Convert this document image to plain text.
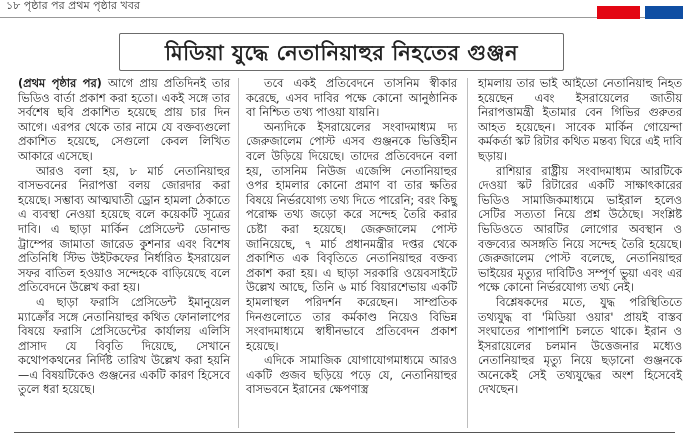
১৮ পৃষ্ঠার পর প্রথম পৃষ্ঠার খবর
মিডিয়া যুদ্ধে নেতানিয়াহুর নিহতের গুঞ্জন

(প্রথম পৃষ্ঠার পর) আগে প্রায় প্রতিদিনই তার ভিডিও বার্তা প্রকাশ করা হতো। একই সঙ্গে তার সর্বশেষ ছবি প্রকাশিত হয়েছে প্রায় চার দিন আগে। এরপর থেকে তার নামে যে বক্তব্যগুলো প্রকাশিত হয়েছে, সেগুলো কেবল লিখিত আকারে এসেছে।

আরও বলা হয়, ৮ মার্চ নেতানিয়াহুর বাসভবনের নিরাপত্তা বলয় জোরদার করা হয়েছে। সম্ভাব্য আত্মঘাতী ড্রোন হামলা ঠেকাতে এ ব্যবস্থা নেওয়া হয়েছে বলে কয়েকটি সূত্রের দাবি। এ ছাড়া মার্কিন প্রেসিডেন্ট ডোনাল্ড ট্রাম্পের জামাতা জারেড কুশনার এবং বিশেষ প্রতিনিধি স্টিভ উইটকফের নির্ধারিত ইসরায়েল সফর বাতিল হওয়াও সন্দেহকে বাড়িয়েছে বলে প্রতিবেদনে উল্লেখ করা হয়।

এ ছাড়া ফরাসি প্রেসিডেন্ট ইমানুয়েল ম্যাক্রোঁর সঙ্গে নেতানিয়াহুর কথিত ফোনালাপের বিষয়ে ফরাসি প্রেসিডেন্টের কার্যালয় এলিসি প্রাসাদ যে বিবৃতি দিয়েছে, সেখানে কথোপকথনের নির্দিষ্ট তারিখ উল্লেখ করা হয়নি—এ বিষয়টিকেও গুঞ্জনের একটি কারণ হিসেবে তুলে ধরা হয়েছে।

তবে একই প্রতিবেদনে তাসনিম স্বীকার করেছে, এসব দাবির পক্ষে কোনো আনুষ্ঠানিক বা নিশ্চিত তথ্য পাওয়া যায়নি।

অন্যদিকে ইসরায়েলের সংবাদমাধ্যম দ্য জেরুজালেম পোস্ট এসব গুঞ্জনকে ভিত্তিহীন বলে উড়িয়ে দিয়েছে। তাদের প্রতিবেদনে বলা হয়, তাসনিম নিউজ এজেন্সি নেতানিয়াহুর ওপর হামলার কোনো প্রমাণ বা তার ক্ষতির বিষয়ে নির্ভরযোগ্য তথ্য দিতে পারেনি; বরং কিছু পরোক্ষ তথ্য জড়ো করে সন্দেহ তৈরি করার চেষ্টা করা হয়েছে। জেরুজালেম পোস্ট জানিয়েছে, ৭ মার্চ প্রধানমন্ত্রীর দপ্তর থেকে প্রকাশিত এক বিবৃতিতে নেতানিয়াহুর বক্তব্য প্রকাশ করা হয়। এ ছাড়া সরকারি ওয়েবসাইটে উল্লেখ আছে, তিনি ৬ মার্চ বিয়ারশেভায় একটি হামলাস্থল পরিদর্শন করেছেন। সাম্প্রতিক দিনগুলোতে তার কর্মকাণ্ড নিয়েও বিভিন্ন সংবাদমাধ্যমে স্বাধীনভাবে প্রতিবেদন প্রকাশ হয়েছে।

এদিকে সামাজিক যোগাযোগমাধ্যমে আরও একটি গুজব ছড়িয়ে পড়ে যে, নেতানিয়াহুর বাসভবনে ইরানের ক্ষেপণাস্ত্র

হামলায় তার ভাই আইডো নেতানিয়াহু নিহত হয়েছেন এবং ইসরায়েলের জাতীয় নিরাপত্তামন্ত্রী ইতামার বেন গিভির গুরুতর আহত হয়েছেন। সাবেক মার্কিন গোয়েন্দা কর্মকর্তা স্কট রিটার কথিত মন্তব্য ঘিরে এই দাবি ছড়ায়।

রাশিয়ার রাষ্ট্রীয় সংবাদমাধ্যম আরটিকে দেওয়া স্কট রিটারের একটি সাক্ষাৎকারের ভিডিও সামাজিকমাধ্যমে ভাইরাল হলেও সেটির সত্যতা নিয়ে প্রশ্ন উঠেছে। সংশ্লিষ্ট ভিডিওতে আরটির লোগোর অবস্থান ও বক্তব্যের অসঙ্গতি নিয়ে সন্দেহ তৈরি হয়েছে। জেরুজালেম পোস্ট বলেছে, নেতানিয়াহুর ভাইয়ের মৃত্যুর দাবিটিও সম্পূর্ণ ভুয়া এবং এর পক্ষে কোনো নির্ভরযোগ্য তথ্য নেই।

বিশ্লেষকদের মতে, যুদ্ধ পরিস্থিতিতে তথ্যযুদ্ধ বা 'মিডিয়া ওয়ার' প্রায়ই বাস্তব সংঘাতের পাশাপাশি চলতে থাকে। ইরান ও ইসরায়েলের চলমান উত্তেজনার মধ্যেও নেতানিয়াহুর মৃত্যু নিয়ে ছড়ানো গুঞ্জনকে অনেকেই সেই তথ্যযুদ্ধের অংশ হিসেবেই দেখছেন।
